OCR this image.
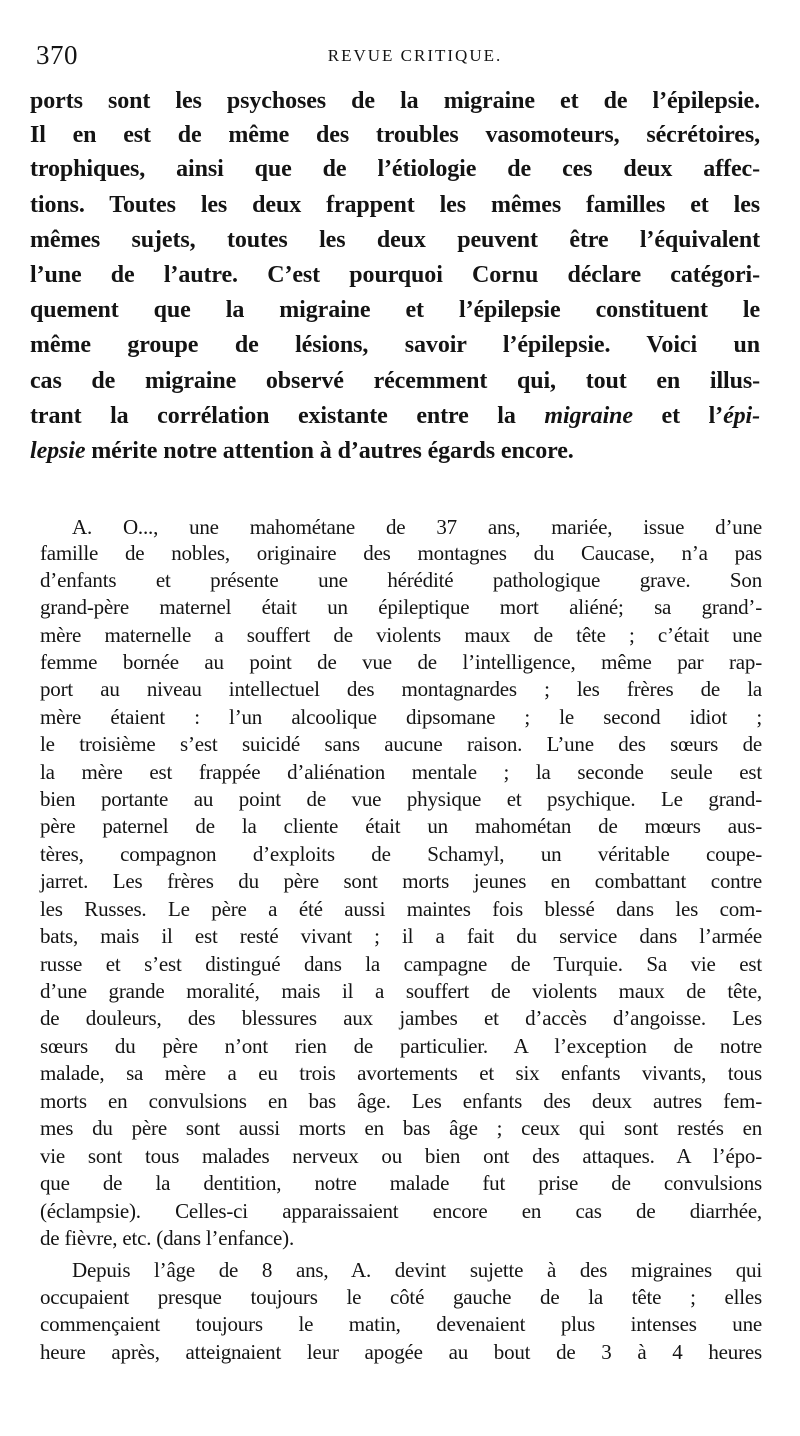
370	REVUE CRITIQUE.
ports sont les psychoses de la migraine et de l’épilepsie.
Il en est de même des troubles vasomoteurs, sécrétoires,
trophiques, ainsi que de l’étiologie de ces deux affec-
tions. Toutes les deux frappent les mêmes familles et les
mêmes sujets, toutes les deux peuvent être l’équivalent
l’une de l’autre. C’est pourquoi Cornu déclare catégori-
quement que la migraine et l’épilepsie constituent le
même groupe de lésions, savoir l’épilepsie. Voici un
cas de migraine observé récemment qui, tout en illus-
trant la corrélation existante entre la migraine et l’épi-
lepsie mérite notre attention à d’autres égards encore.
A. O..., une mahométane de 37 ans, mariée, issue d’une
famille de nobles, originaire des montagnes du Caucase, n’a pas
d’enfants et présente une hérédité pathologique grave. Son
grand-père maternel était un épileptique mort aliéné; sa grand’-
mère maternelle a souffert de violents maux de tête ; c’était une
femme bornée au point de vue de l’intelligence, même par rap-
port au niveau intellectuel des montagnardes ; les frères de la
mère étaient : l’un alcoolique dipsomane ; le second idiot ;
le troisième s’est suicidé sans aucune raison. L’une des sœurs de
la mère est frappée d’aliénation mentale ; la seconde seule est
bien portante au point de vue physique et psychique. Le grand-
père paternel de la cliente était un mahométan de mœurs aus-
tères, compagnon d’exploits de Schamyl, un véritable coupe-
jarret. Les frères du père sont morts jeunes en combattant contre
les Russes. Le père a été aussi maintes fois blessé dans les com-
bats, mais il est resté vivant ; il a fait du service dans l’armée
russe et s’est distingué dans la campagne de Turquie. Sa vie est
d’une grande moralité, mais il a souffert de violents maux de tête,
de douleurs, des blessures aux jambes et d’accès d’angoisse. Les
sœurs du père n’ont rien de particulier. A l’exception de notre
malade, sa mère a eu trois avortements et six enfants vivants, tous
morts en convulsions en bas âge. Les enfants des deux autres fem-
mes du père sont aussi morts en bas âge ; ceux qui sont restés en
vie sont tous malades nerveux ou bien ont des attaques. A l’épo-
que de la dentition, notre malade fut prise de convulsions
(éclampsie). Celles-ci apparaissaient encore en cas de diarrhée,
de fièvre, etc. (dans l’enfance).
Depuis l’âge de 8 ans, A. devint sujette à des migraines qui
occupaient presque toujours le côté gauche de la tête ; elles
commençaient toujours le matin, devenaient plus intenses une
heure après, atteignaient leur apogée au bout de 3 à 4 heures
